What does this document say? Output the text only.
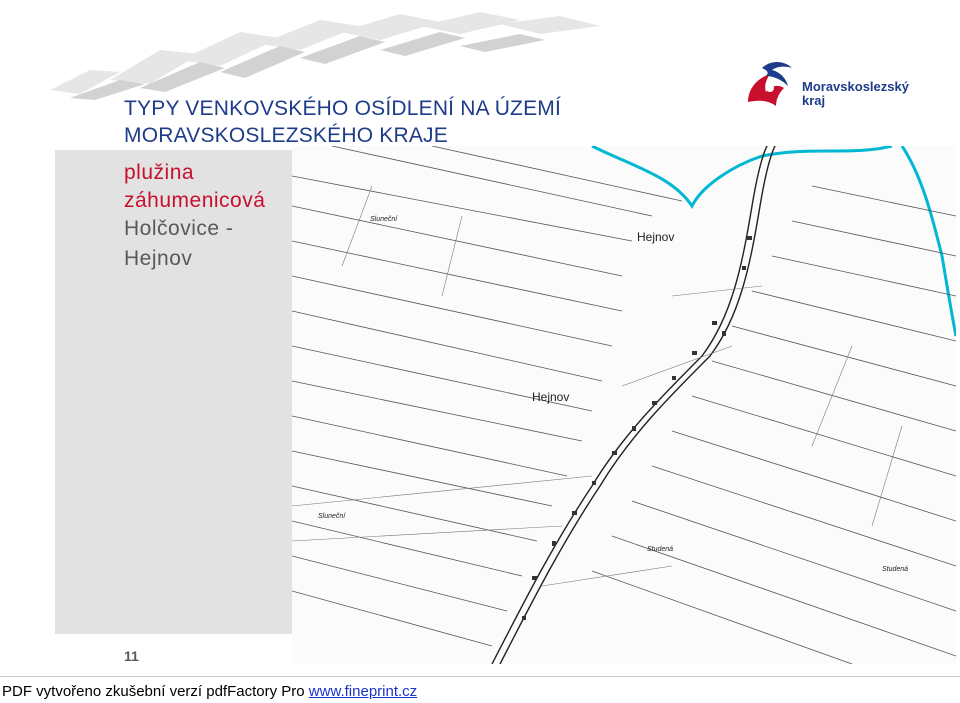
Moravskoslezský
kraj
Hejnov
Hejnov
Sluneční
Sluneční
Studená
Studená
TYPY VENKOVSKÉHO OSÍDLENÍ NA ÚZEMÍ
MORAVSKOSLEZSKÉHO KRAJE
plužina
záhumenicová
Holčovice -
Hejnov
11
PDF vytvořeno zkušební verzí pdfFactory Pro www.fineprint.cz
